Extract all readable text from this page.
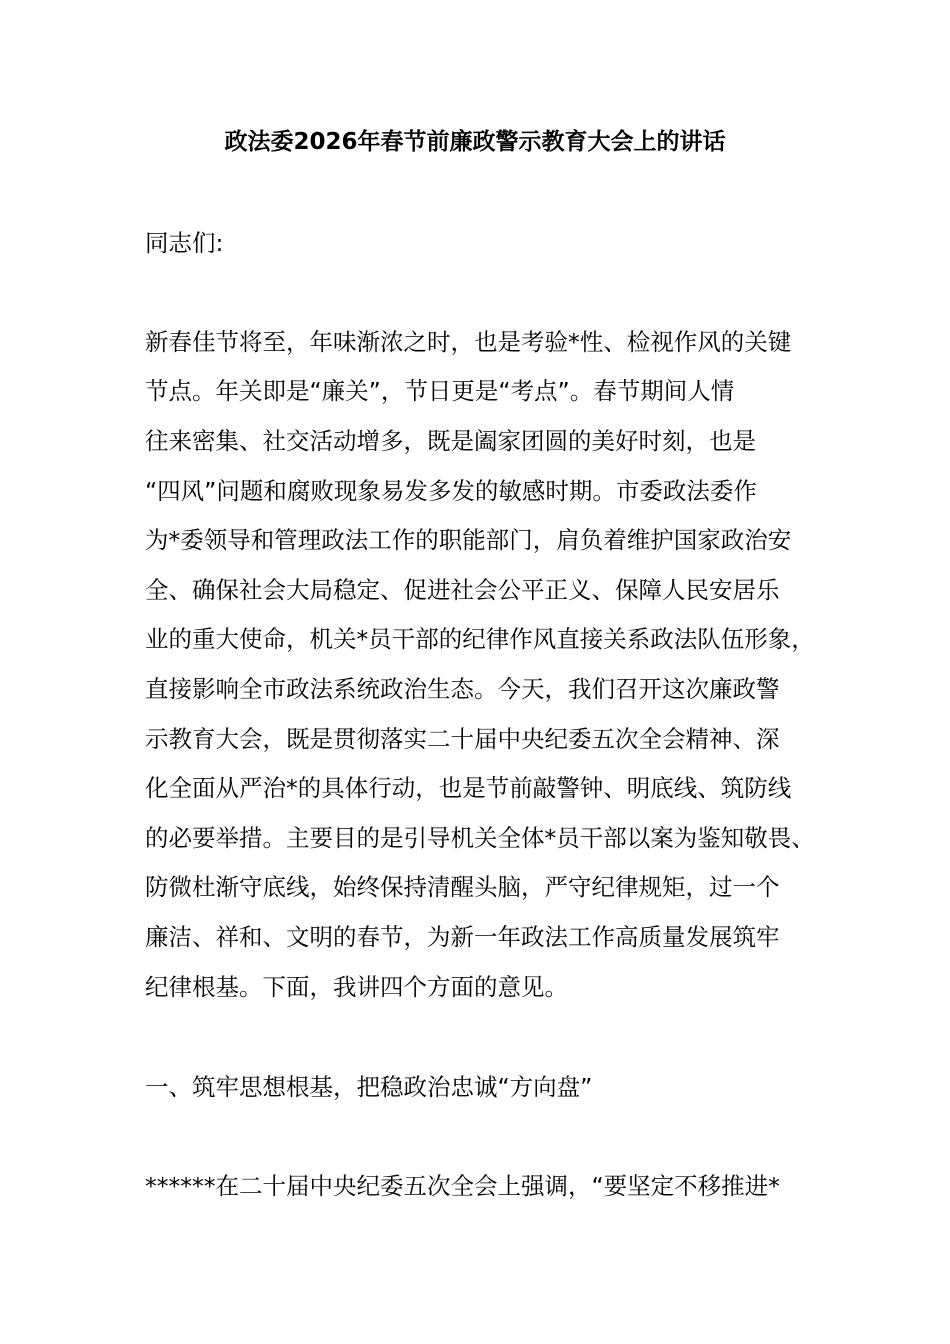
政法委2026年春节前廉政警示教育大会上的讲话

同志们:

新春佳节将至，年味渐浓之时，也是考验*性、检视作风的关键

节点。年关即是“廉关”，节日更是“考点”。春节期间人情

往来密集、社交活动增多，既是阖家团圆的美好时刻，也是

“四风”问题和腐败现象易发多发的敏感时期。市委政法委作

为*委领导和管理政法工作的职能部门，肩负着维护国家政治安

全、确保社会大局稳定、促进社会公平正义、保障人民安居乐

业的重大使命，机关*员干部的纪律作风直接关系政法队伍形象，

直接影响全市政法系统政治生态。今天，我们召开这次廉政警

示教育大会，既是贯彻落实二十届中央纪委五次全会精神、深

化全面从严治*的具体行动，也是节前敲警钟、明底线、筑防线

的必要举措。主要目的是引导机关全体*员干部以案为鉴知敬畏、

防微杜渐守底线，始终保持清醒头脑，严守纪律规矩，过一个

廉洁、祥和、文明的春节，为新一年政法工作高质量发展筑牢

纪律根基。下面，我讲四个方面的意见。

一、筑牢思想根基，把稳政治忠诚“方向盘”

******在二十届中央纪委五次全会上强调，“要坚定不移推进*
